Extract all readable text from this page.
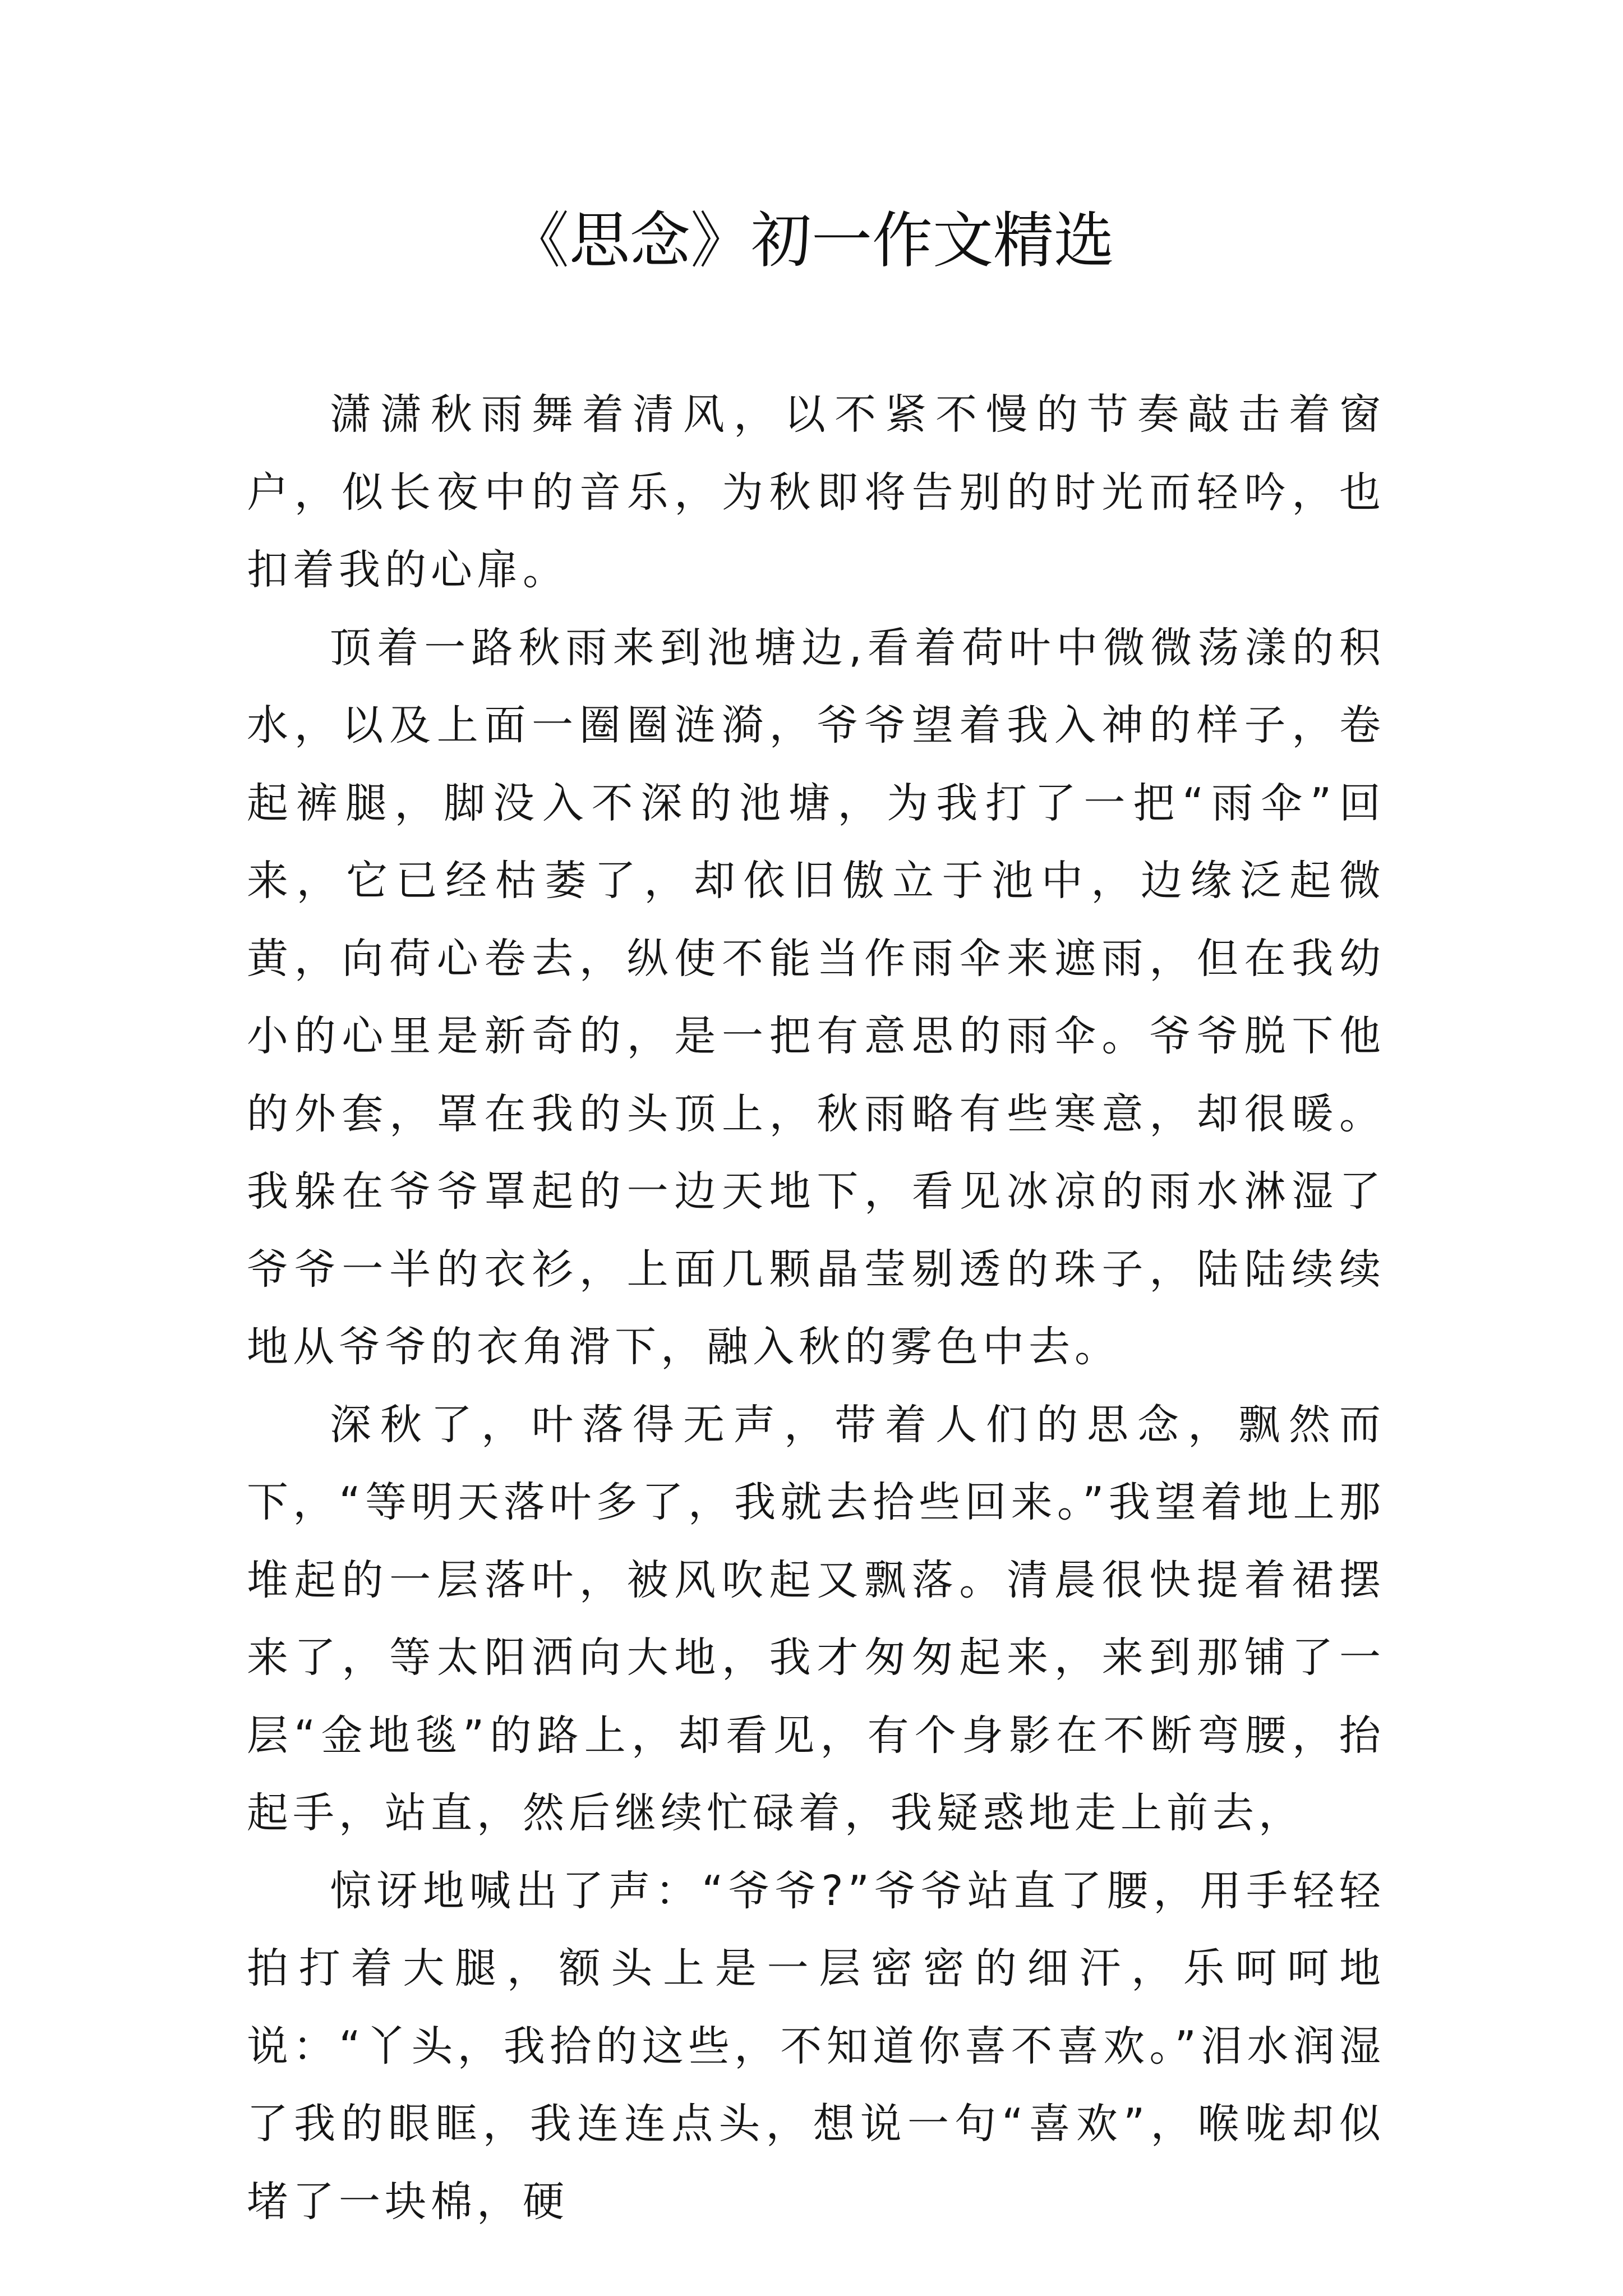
《思念》初一作文精选

潇潇秋雨舞着清风，以不紧不慢的节奏敲击着窗户，似长夜中的音乐，为秋即将告别的时光而轻吟，也扣着我的心扉。

顶着一路秋雨来到池塘边,看着荷叶中微微荡漾的积水，以及上面一圈圈涟漪，爷爷望着我入神的样子，卷起裤腿，脚没入不深的池塘，为我打了一把“雨伞”回来，它已经枯萎了，却依旧傲立于池中，边缘泛起微黄，向荷心卷去，纵使不能当作雨伞来遮雨，但在我幼小的心里是新奇的，是一把有意思的雨伞。爷爷脱下他的外套，罩在我的头顶上，秋雨略有些寒意，却很暖。我躲在爷爷罩起的一边天地下，看见冰凉的雨水淋湿了爷爷一半的衣衫，上面几颗晶莹剔透的珠子，陆陆续续地从爷爷的衣角滑下，融入秋的雾色中去。

深秋了，叶落得无声，带着人们的思念，飘然而下，“等明天落叶多了，我就去拾些回来。”我望着地上那堆起的一层落叶，被风吹起又飘落。清晨很快提着裙摆来了，等太阳洒向大地，我才匆匆起来，来到那铺了一层“金地毯”的路上，却看见，有个身影在不断弯腰，抬起手，站直，然后继续忙碌着，我疑惑地走上前去，

惊讶地喊出了声：“爷爷?”爷爷站直了腰，用手轻轻拍打着大腿，额头上是一层密密的细汗，乐呵呵地说：“丫头，我拾的这些，不知道你喜不喜欢。”泪水润湿了我的眼眶，我连连点头，想说一句“喜欢”，喉咙却似堵了一块棉，硬
